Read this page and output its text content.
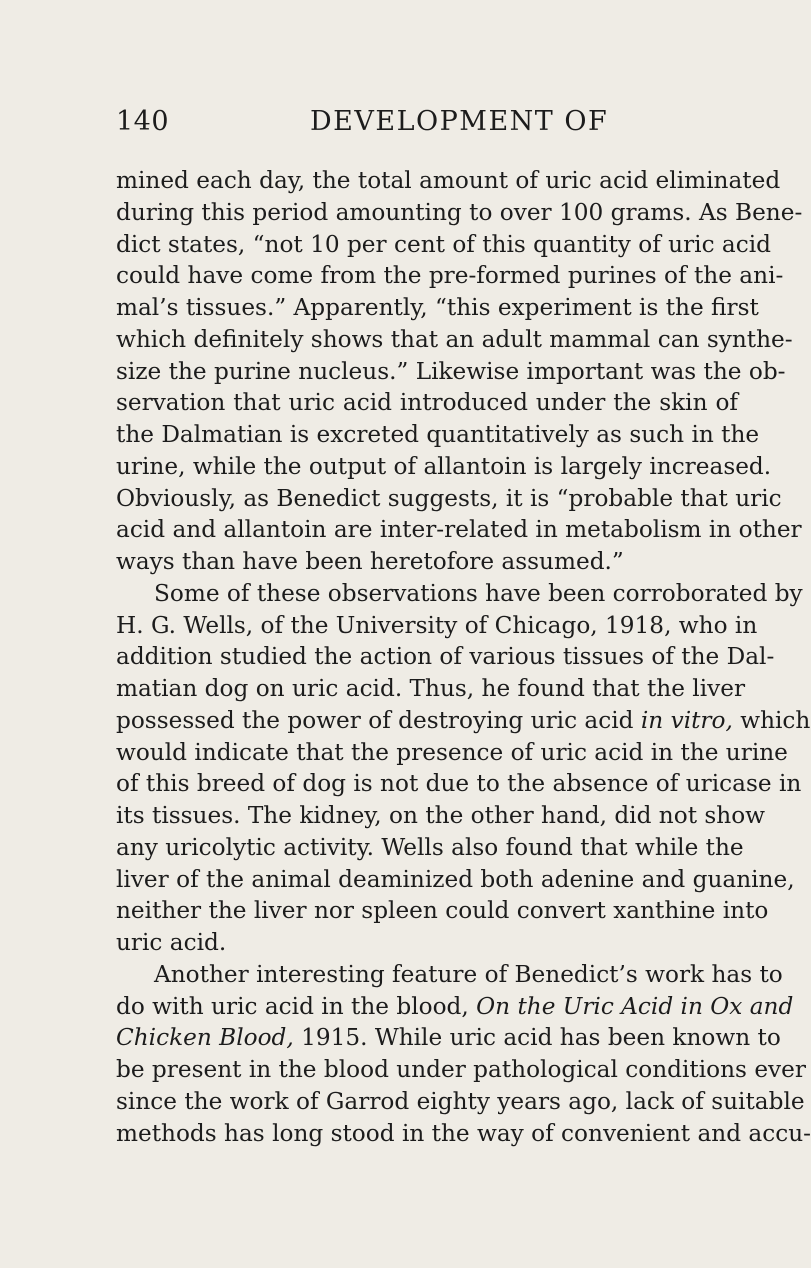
140	DEVELOPMENT OF
mined each day, the total amount of uric acid eliminated
during this period amounting to over 100 grams. As Bene-
dict states, “not 10 per cent of this quantity of uric acid
could have come from the pre-formed purines of the ani-
mal’s tissues.” Apparently, “this experiment is the first
which definitely shows that an adult mammal can synthe-
size the purine nucleus.” Likewise important was the ob-
servation that uric acid introduced under the skin of
the Dalmatian is excreted quantitatively as such in the
urine, while the output of allantoin is largely increased.
Obviously, as Benedict suggests, it is “probable that uric
acid and allantoin are inter-related in metabolism in other
ways than have been heretofore assumed.”
Some of these observations have been corroborated by
H. G. Wells, of the University of Chicago, 1918, who in
addition studied the action of various tissues of the Dal-
matian dog on uric acid. Thus, he found that the liver
possessed the power of destroying uric acid in vitro, which
would indicate that the presence of uric acid in the urine
of this breed of dog is not due to the absence of uricase in
its tissues. The kidney, on the other hand, did not show
any uricolytic activity. Wells also found that while the
liver of the animal deaminized both adenine and guanine,
neither the liver nor spleen could convert xanthine into
uric acid.
Another interesting feature of Benedict’s work has to
do with uric acid in the blood, On the Uric Acid in Ox and
Chicken Blood, 1915. While uric acid has been known to
be present in the blood under pathological conditions ever
since the work of Garrod eighty years ago, lack of suitable
methods has long stood in the way of convenient and accu-
